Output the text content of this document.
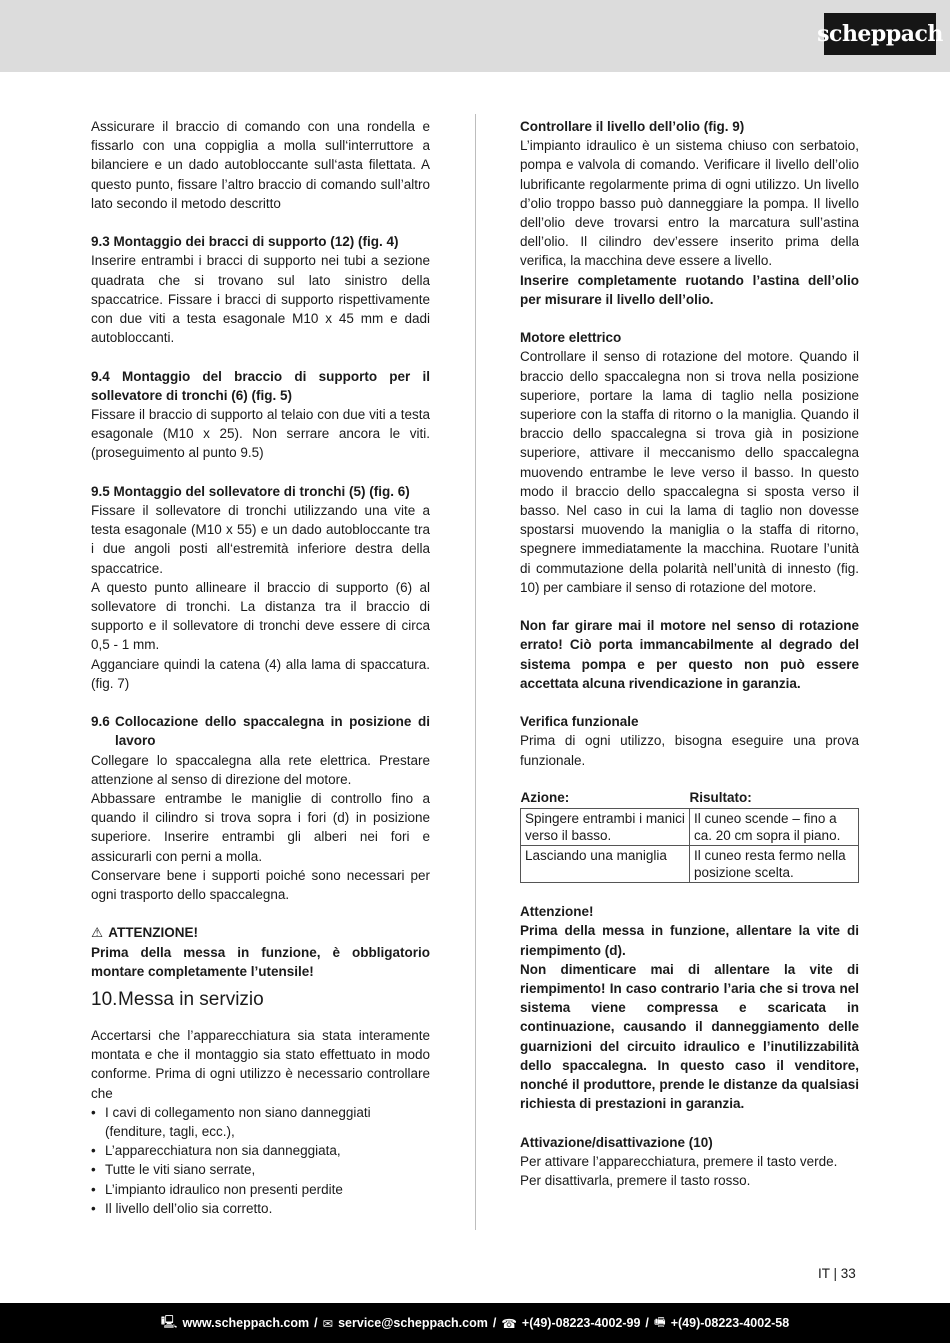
scheppach

Assicurare il braccio di comando con una rondella e fissarlo con una coppiglia a molla sull‘interruttore a bilanciere e un dado autobloccante sull‘asta filettata. A questo punto, fissare l’altro braccio di comando sull’altro lato secondo il metodo descritto

9.3 Montaggio dei bracci di supporto (12) (fig. 4)

Inserire entrambi i bracci di supporto nei tubi a sezione quadrata che si trovano sul lato sinistro della spaccatrice. Fissare i bracci di supporto rispettivamente con due viti a testa esagonale M10 x 45 mm e dadi autobloccanti.

9.4 Montaggio del braccio di supporto per il sollevatore di tronchi (6) (fig. 5)

Fissare il braccio di supporto al telaio con due viti a testa esagonale (M10 x 25). Non serrare ancora le viti. (proseguimento al punto 9.5)

9.5 Montaggio del sollevatore di tronchi (5) (fig. 6)

Fissare il sollevatore di tronchi utilizzando una vite a testa esagonale (M10 x 55) e un dado autobloccante tra i due angoli posti all‘estremità inferiore destra della spaccatrice.

A questo punto allineare il braccio di supporto (6) al sollevatore di tronchi. La distanza tra il braccio di supporto e il sollevatore di tronchi deve essere di circa 0,5 - 1 mm.

Agganciare quindi la catena (4) alla lama di spaccatura. (fig. 7)

9.6 Collocazione dello spaccalegna in posizione di lavoro

Collegare lo spaccalegna alla rete elettrica. Prestare attenzione al senso di direzione del motore.

Abbassare entrambe le maniglie di controllo fino a quando il cilindro si trova sopra i fori (d) in posizione superiore. Inserire entrambi gli alberi nei fori e assicurarli con perni a molla.

Conservare bene i supporti poiché sono necessari per ogni trasporto dello spaccalegna.

⚠ ATTENZIONE!

Prima della messa in funzione, è obbligatorio montare completamente l’utensile!

10. Messa in servizio

Accertarsi che l’apparecchiatura sia stata interamente montata e che il montaggio sia stato effettuato in modo conforme. Prima di ogni utilizzo è necessario controllare che

• I cavi di collegamento non siano danneggiati (fenditure, tagli, ecc.),
• L’apparecchiatura non sia danneggiata,
• Tutte le viti siano serrate,
• L’impianto idraulico non presenti perdite
• Il livello dell’olio sia corretto.

Controllare il livello dell’olio (fig. 9)

L’impianto idraulico è un sistema chiuso con serbatoio, pompa e valvola di comando. Verificare il livello dell’olio lubrificante regolarmente prima di ogni utilizzo. Un livello d’olio troppo basso può danneggiare la pompa. Il livello dell’olio deve trovarsi entro la marcatura sull’astina dell’olio. Il cilindro dev’essere inserito prima della verifica, la macchina deve essere a livello.

Inserire completamente ruotando l’astina dell’olio per misurare il livello dell’olio.

Motore elettrico

Controllare il senso di rotazione del motore. Quando il braccio dello spaccalegna non si trova nella posizione superiore, portare la lama di taglio nella posizione superiore con la staffa di ritorno o la maniglia. Quando il braccio dello spaccalegna si trova già in posizione superiore, attivare il meccanismo dello spaccalegna muovendo entrambe le leve verso il basso. In questo modo il braccio dello spaccalegna si sposta verso il basso. Nel caso in cui la lama di taglio non dovesse spostarsi muovendo la maniglia o la staffa di ritorno, spegnere immediatamente la macchina. Ruotare l’unità di commutazione della polarità nell’unità di innesto (fig. 10) per cambiare il senso di rotazione del motore.

Non far girare mai il motore nel senso di rotazione errato! Ciò porta immancabilmente al degrado del sistema pompa e per questo non può essere accettata alcuna rivendicazione in garanzia.

Verifica funzionale

Prima di ogni utilizzo, bisogna eseguire una prova funzionale.

Azione:	Risultato:
Spingere entrambi i manici verso il basso.	Il cuneo scende – fino a ca. 20 cm sopra il piano.
Lasciando una maniglia	Il cuneo resta fermo nella posizione scelta.

Attenzione!

Prima della messa in funzione, allentare la vite di riempimento (d).

Non dimenticare mai di allentare la vite di riempimento! In caso contrario l’aria che si trova nel sistema viene compressa e scaricata in continuazione, causando il danneggiamento delle guarnizioni del circuito idraulico e l’inutilizzabilità dello spaccalegna. In questo caso il venditore, nonché il produttore, prende le distanze da qualsiasi richiesta di prestazioni in garanzia.

Attivazione/disattivazione (10)

Per attivare l’apparecchiatura, premere il tasto verde.

Per disattivarla, premere il tasto rosso.

IT | 33
🖳 www.scheppach.com / ✉ service@scheppach.com / ☎ +(49)-08223-4002-99 / 🖷 +(49)-08223-4002-58
